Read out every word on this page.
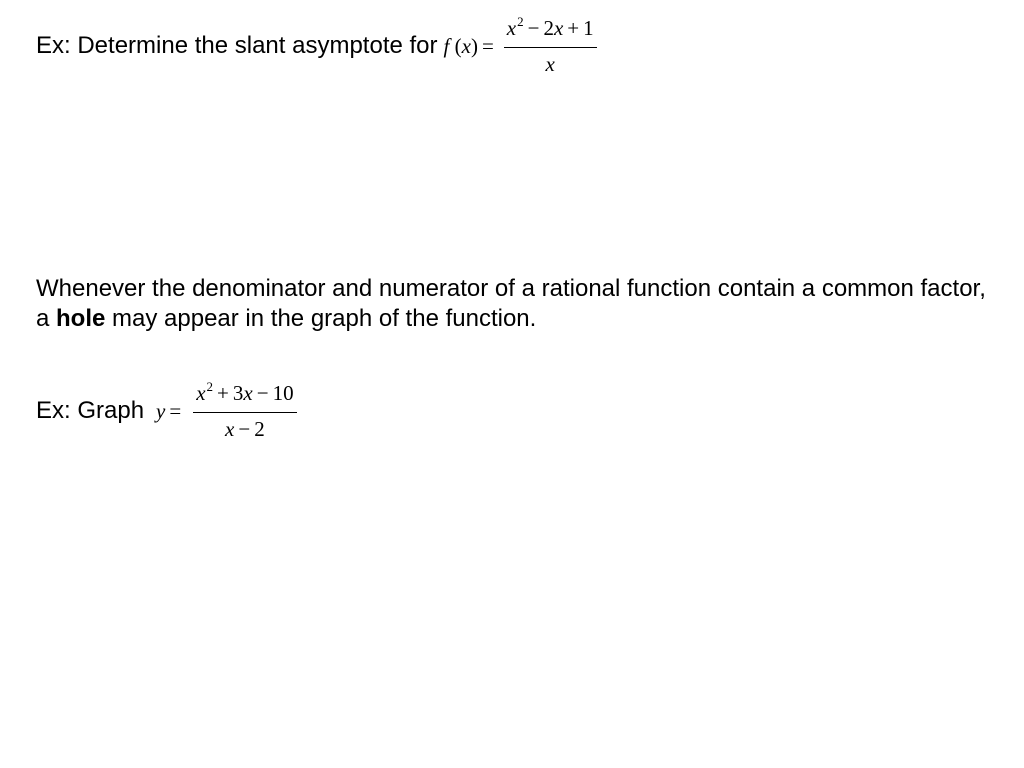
Ex: Determine the slant asymptote for f $(x) = \frac{x^2 - 2x + 1}{x}$

Whenever the denominator and numerator of a rational function contain a common factor, a hole may appear in the graph of the function.

Ex: Graph $y = \frac{x^2 + 3x - 10}{x - 2}$
